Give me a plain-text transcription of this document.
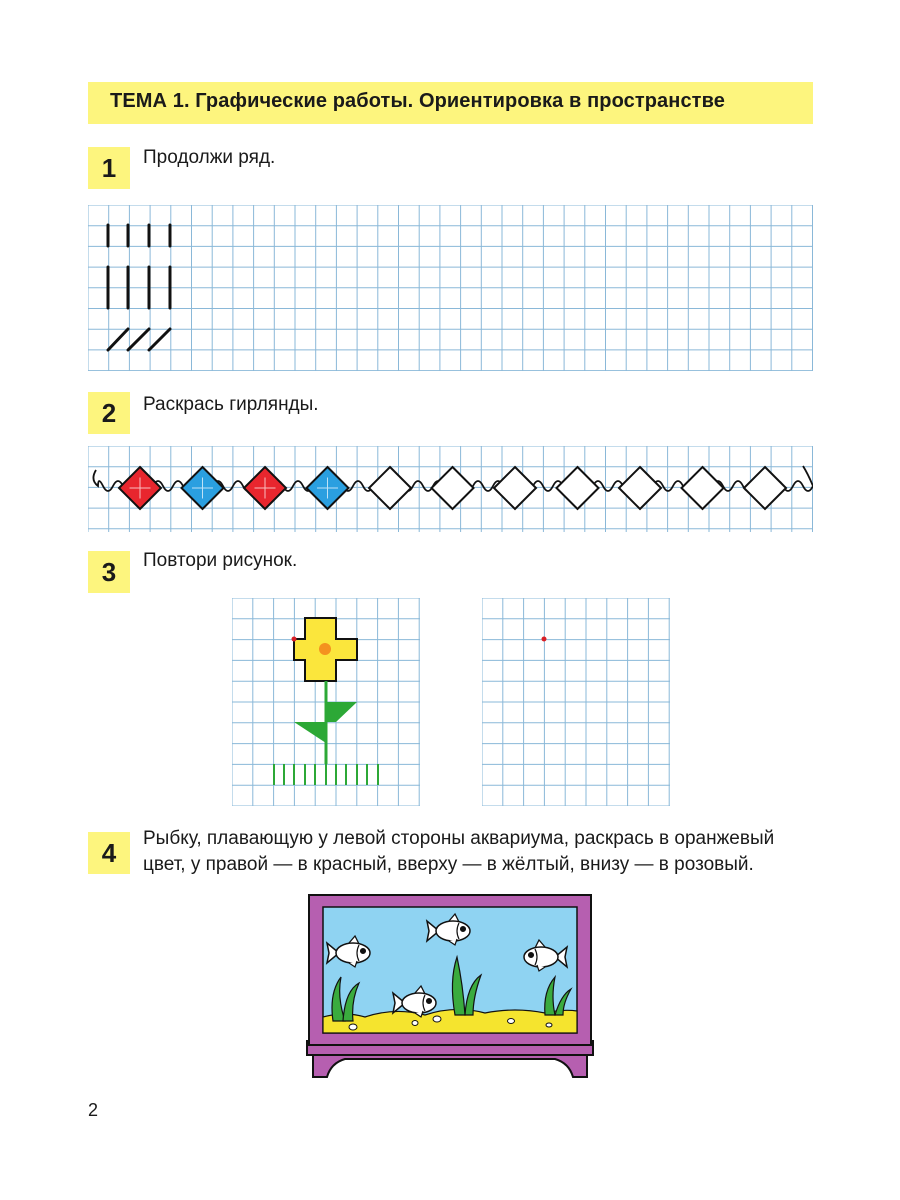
ТЕМА 1. Графические работы. Ориентировка в пространстве
1	Продолжи ряд.
2	Раскрась гирлянды.
3	Повтори рисунок.
4	Рыбку, плавающую у левой стороны аквариума, раскрась в оранжевый
цвет, у правой — в красный, вверху — в жёлтый, внизу — в розовый.
2
